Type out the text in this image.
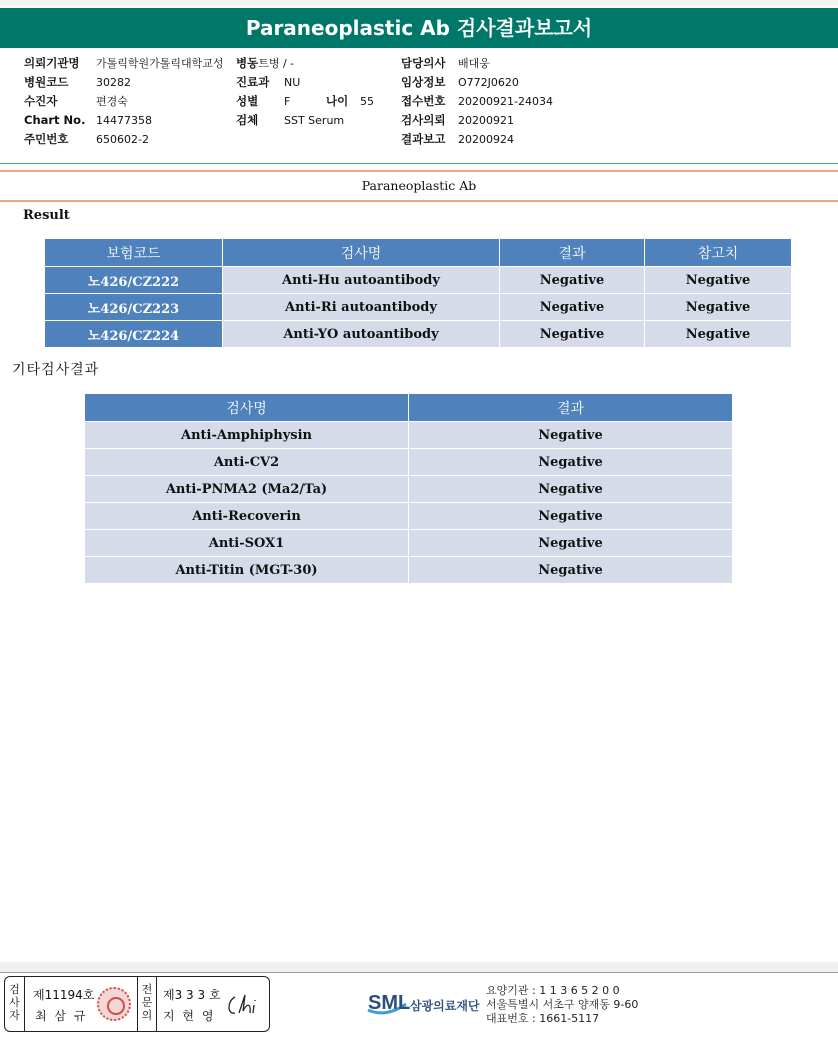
Paraneoplastic Ab 검사결과보고서
의뢰기관명 가톨릭학원가톨릭대학교성
병원코드	30282
수진자	편경숙
Chart No. 14477358
주민번호	650602-2
병동트병 / -
진료과 NU
성별 F	나이 55
검체 SST Serum
담당의사 배대웅
임상정보 O772J0620
접수번호 20200921-24034
검사의뢰 20200921
결과보고 20200924
Paraneoplastic Ab
Result
보험코드	검사명	결과	참고치
노426/CZ222	Anti-Hu autoantibody	Negative	Negative
노426/CZ223	Anti-Ri autoantibody	Negative	Negative
노426/CZ224	Anti-YO autoantibody	Negative	Negative
기타검사결과
검사명	결과
Anti-Amphiphysin	Negative
Anti-CV2	Negative
Anti-PNMA2 (Ma2/Ta)	Negative
Anti-Recoverin	Negative
Anti-SOX1	Negative
Anti-Titin (MGT-30)	Negative
검사자
제11194호
최 삼 규
전문의
제3 3 3 호
지 현 영
SML 삼광의료재단
요양기관 : 1 1 3 6 5 2 0 0
서울특별시 서초구 양재동 9-60
대표번호 : 1661-5117
